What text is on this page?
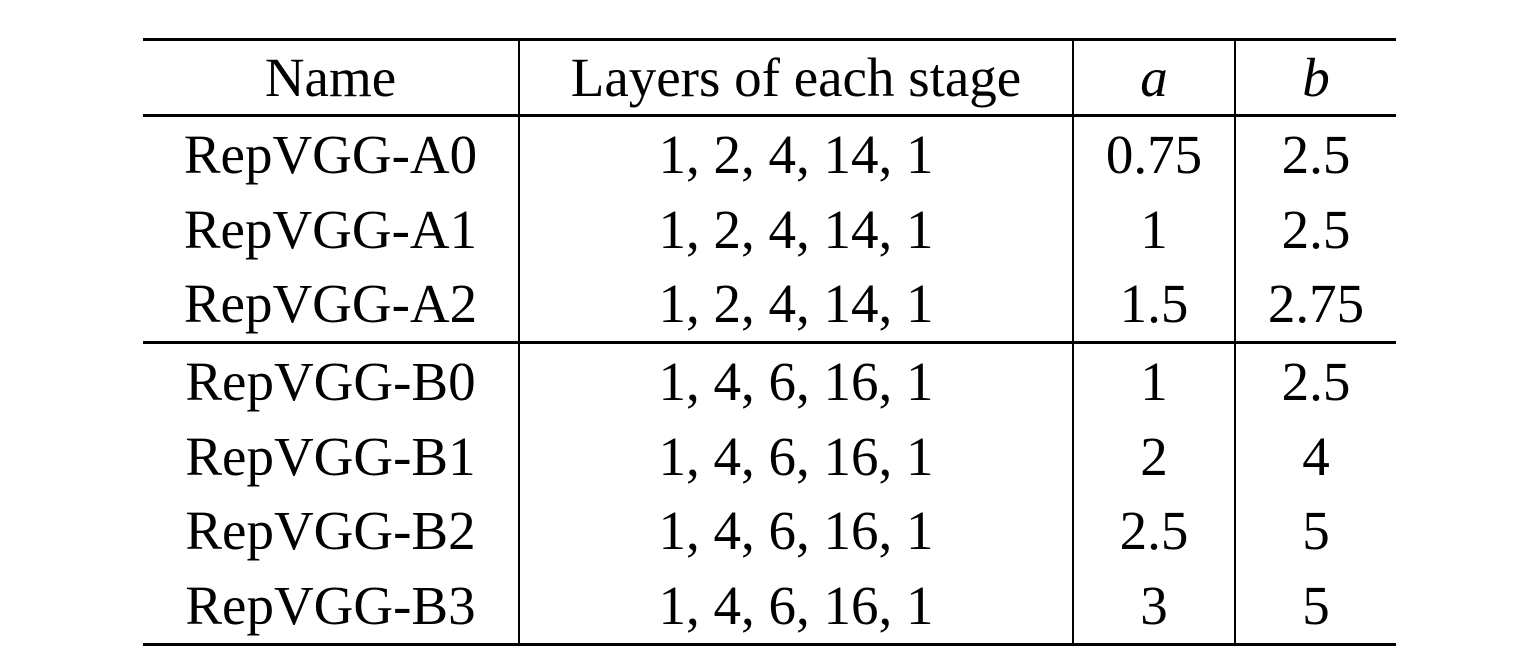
Name	Layers of each stage	a	b
RepVGG-A0	1, 2, 4, 14, 1	0.75	2.5
RepVGG-A1	1, 2, 4, 14, 1	1	2.5
RepVGG-A2	1, 2, 4, 14, 1	1.5	2.75
RepVGG-B0	1, 4, 6, 16, 1	1	2.5
RepVGG-B1	1, 4, 6, 16, 1	2	4
RepVGG-B2	1, 4, 6, 16, 1	2.5	5
RepVGG-B3	1, 4, 6, 16, 1	3	5
